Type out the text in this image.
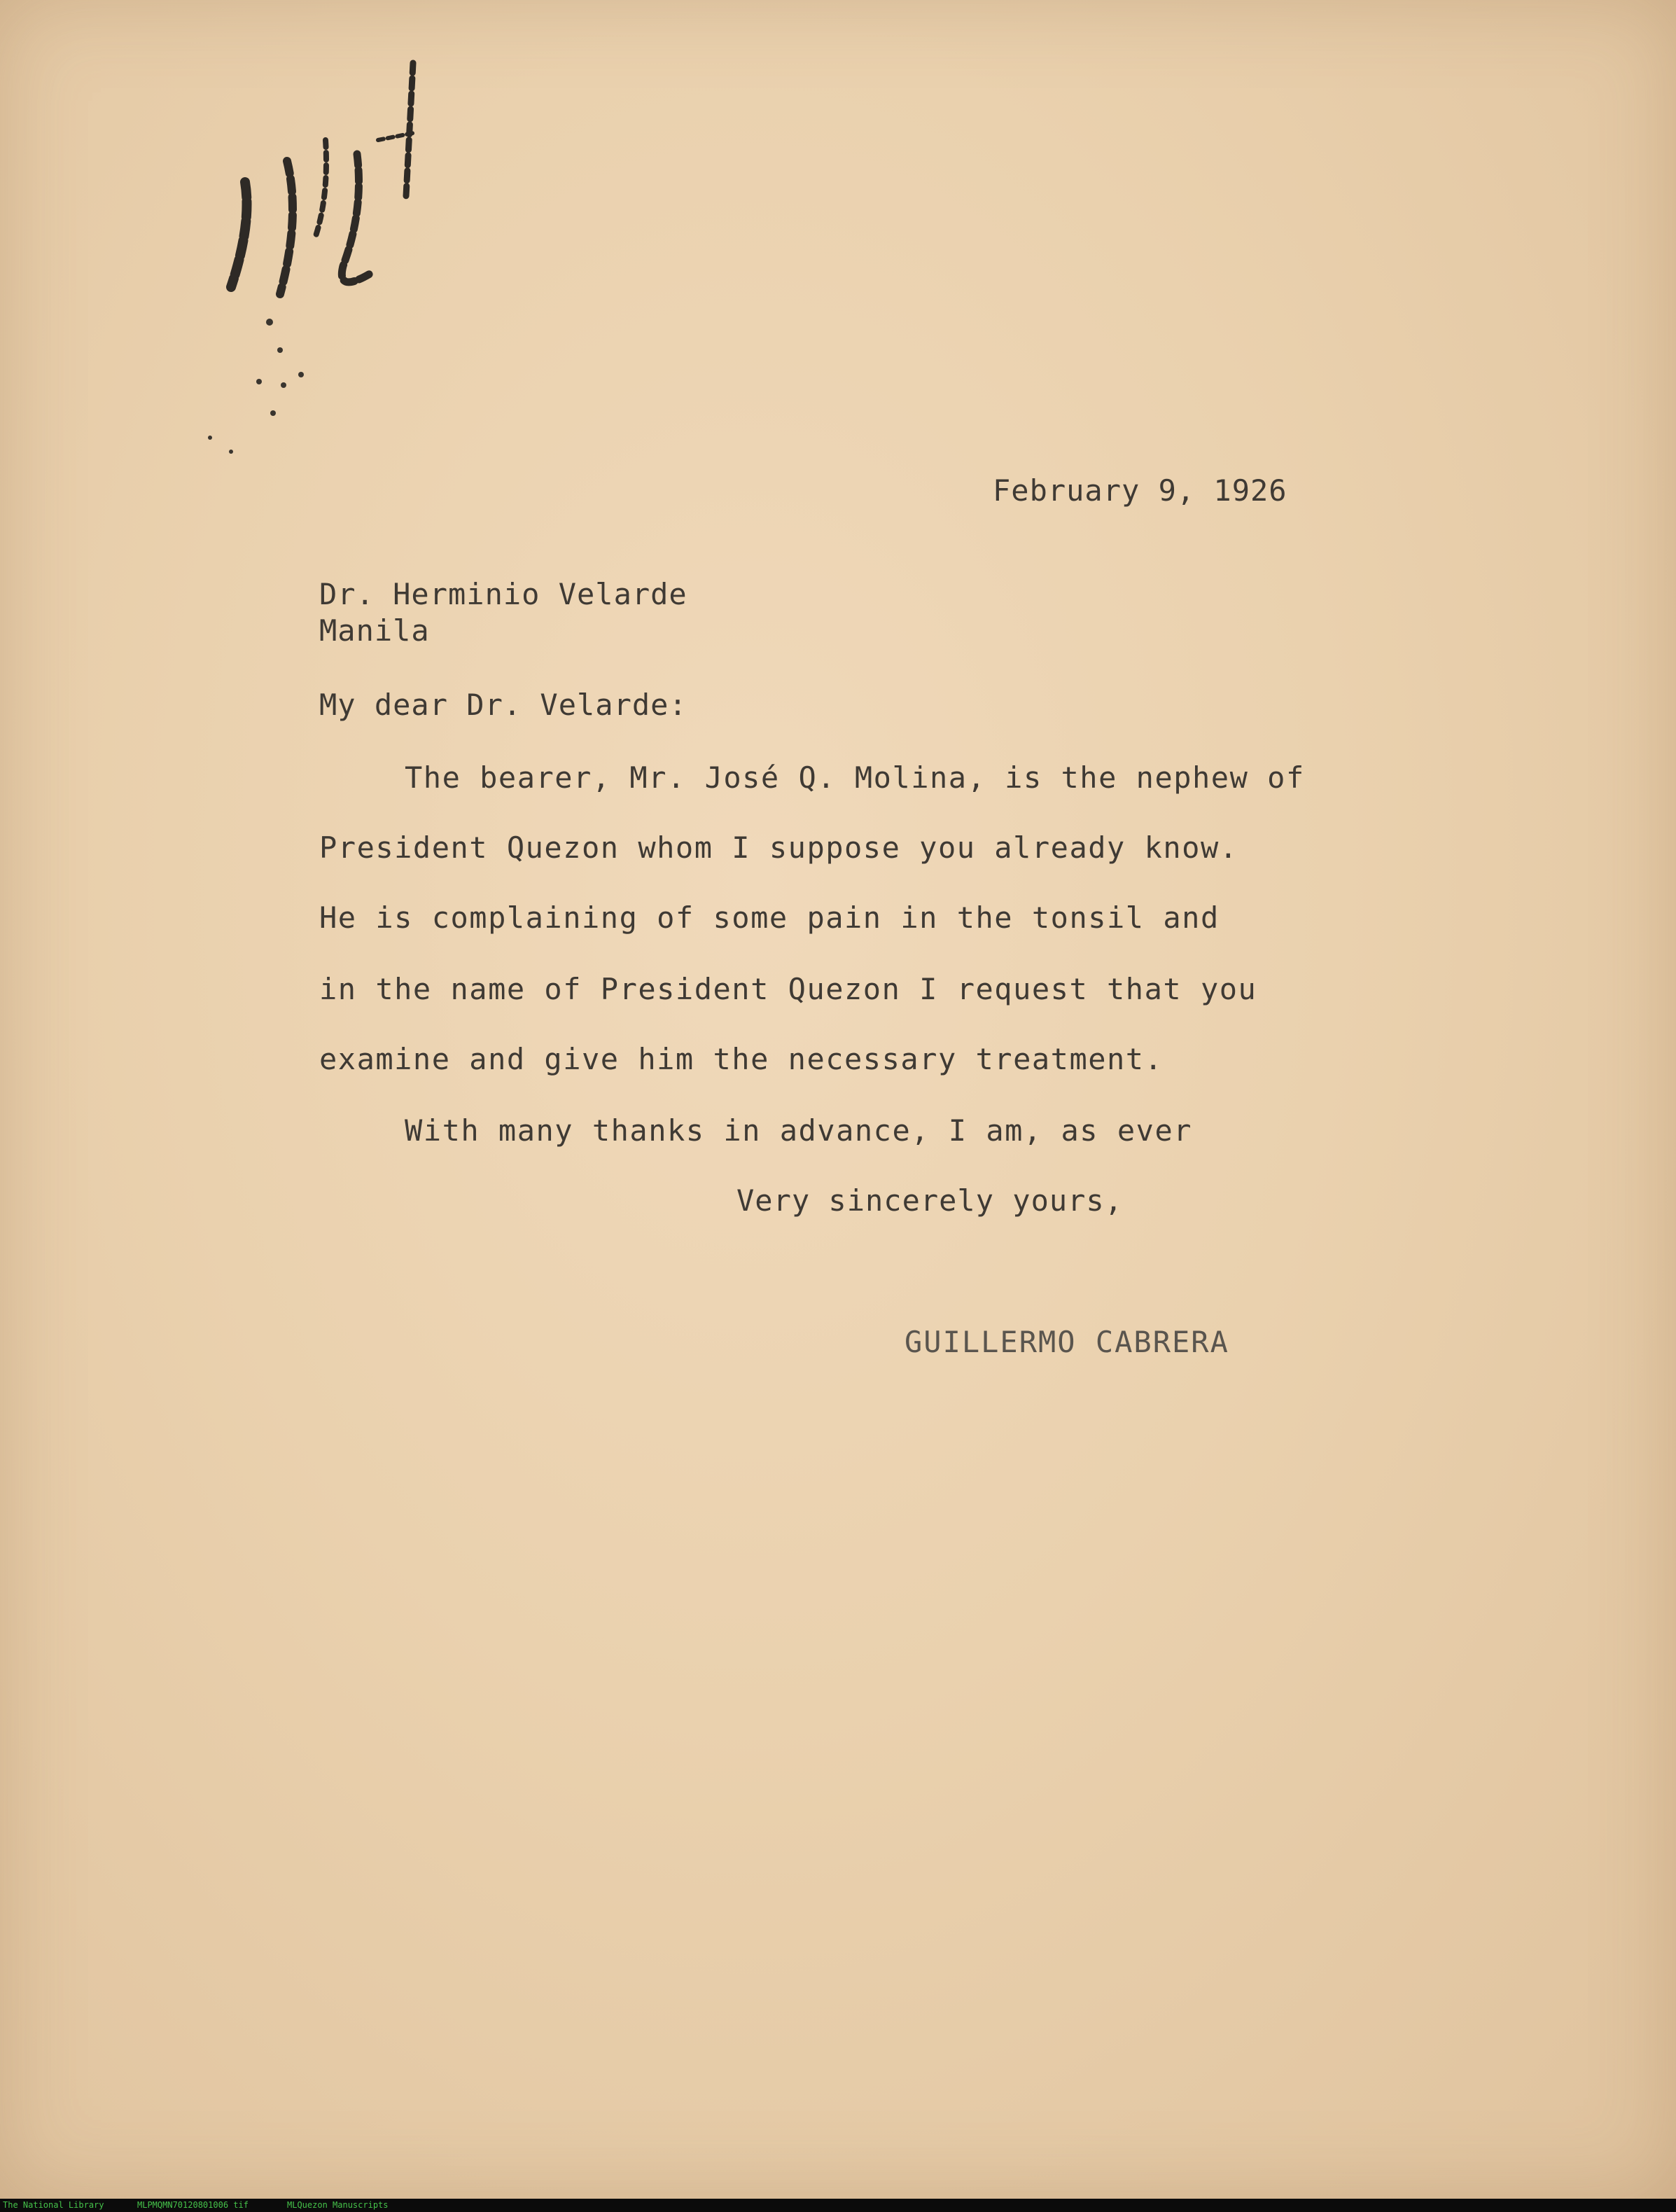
February 9, 1926
Dr. Herminio Velarde
Manila
My dear Dr. Velarde:
The bearer, Mr. José Q. Molina, is the nephew of
President Quezon whom I suppose you already know.
He is complaining of some pain in the tonsil and
in the name of President Quezon I request that you
examine and give him the necessary treatment.
With many thanks in advance, I am, as ever
Very sincerely yours,
GUILLERMO CABRERA
The National Library	MLPMQMN70120801006 tif	MLQuezon Manuscripts
